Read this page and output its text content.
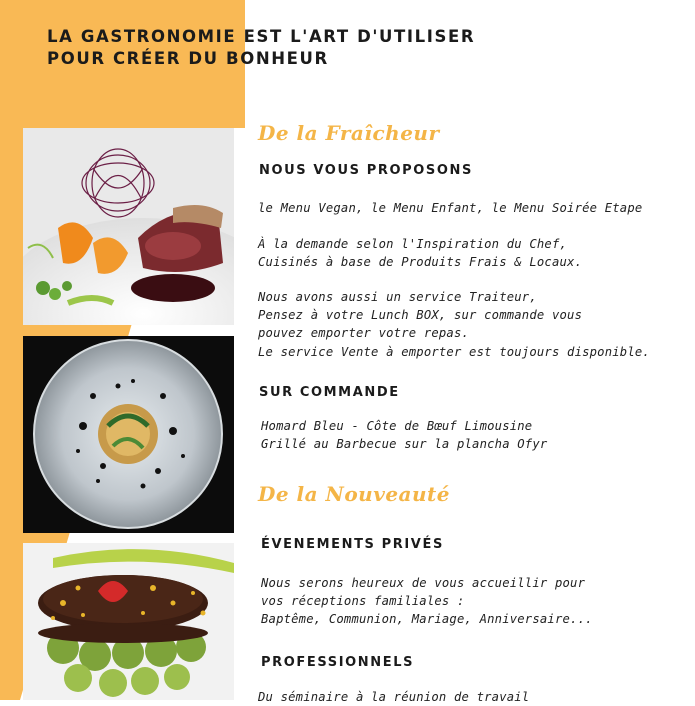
LA GASTRONOMIE EST L'ART D'UTILISER
POUR CRÉER DU BONHEUR
De la Fraîcheur
NOUS VOUS PROPOSONS
le Menu Vegan, le Menu Enfant, le Menu Soirée Etape
À la demande selon l'Inspiration du Chef,
Cuisinés à base de Produits Frais & Locaux.
Nous avons aussi un service Traiteur,
Pensez à votre Lunch BOX, sur commande vous
pouvez emporter votre repas.
Le service Vente à emporter est toujours disponible.
SUR COMMANDE
Homard Bleu - Côte de Bœuf Limousine
Grillé au Barbecue sur la plancha Ofyr
De la Nouveauté
ÉVENEMENTS PRIVÉS
Nous serons heureux de vous accueillir pour
vos réceptions familiales :
Baptême, Communion, Mariage, Anniversaire...
PROFESSIONNELS
Du séminaire à la réunion de travail
